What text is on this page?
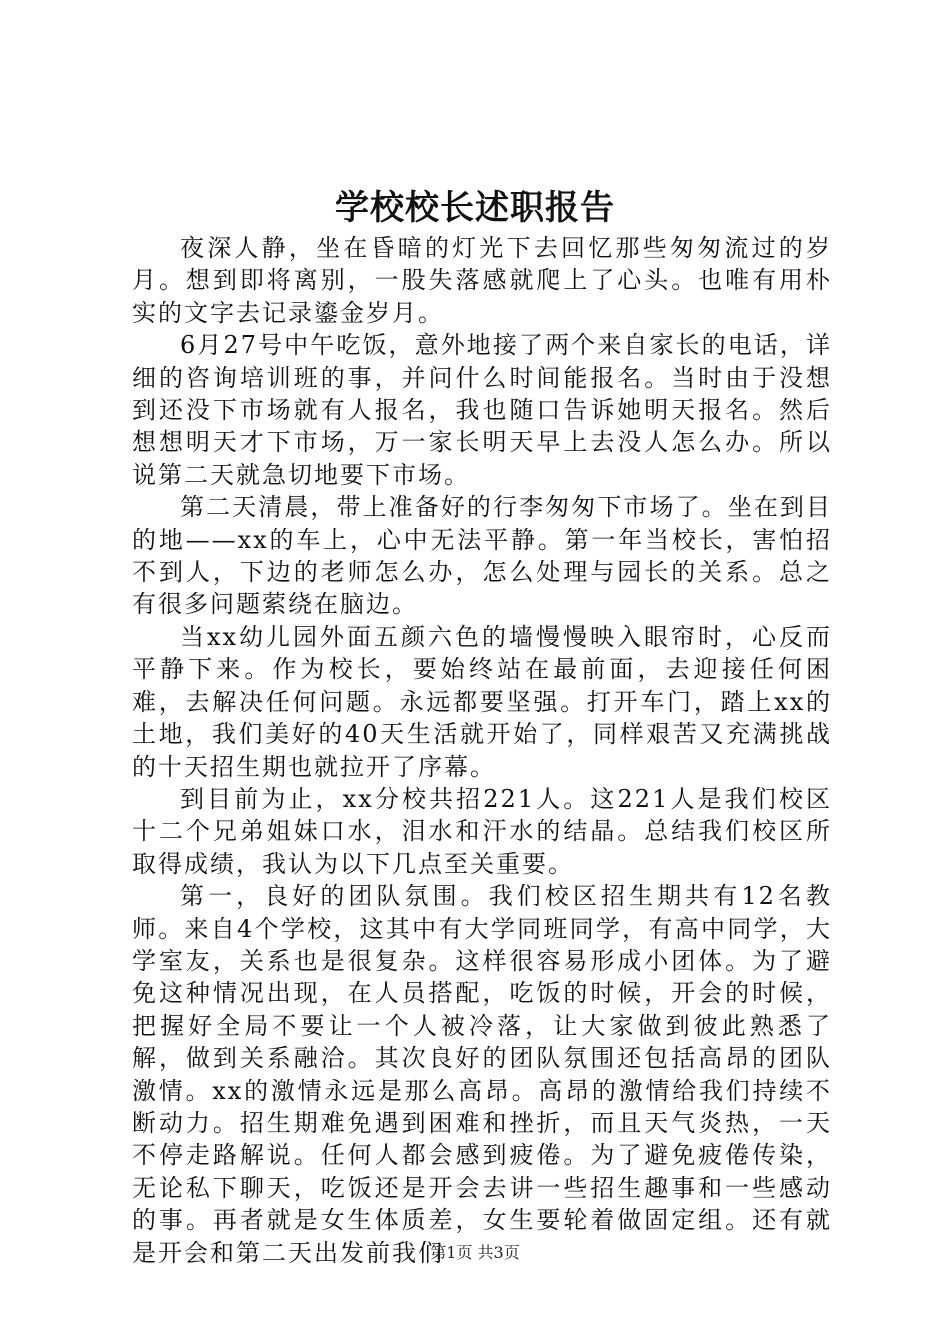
学校校长述职报告

夜深人静，坐在昏暗的灯光下去回忆那些匆匆流过的岁月。想到即将离别，一股失落感就爬上了心头。也唯有用朴实的文字去记录鎏金岁月。

6月27号中午吃饭，意外地接了两个来自家长的电话，详细的咨询培训班的事，并问什么时间能报名。当时由于没想到还没下市场就有人报名，我也随口告诉她明天报名。然后想想明天才下市场，万一家长明天早上去没人怎么办。所以说第二天就急切地要下市场。

第二天清晨，带上准备好的行李匆匆下市场了。坐在到目的地——xx的车上，心中无法平静。第一年当校长，害怕招不到人，下边的老师怎么办，怎么处理与园长的关系。总之有很多问题萦绕在脑边。

当xx幼儿园外面五颜六色的墙慢慢映入眼帘时，心反而平静下来。作为校长，要始终站在最前面，去迎接任何困难，去解决任何问题。永远都要坚强。打开车门，踏上xx的土地，我们美好的40天生活就开始了，同样艰苦又充满挑战的十天招生期也就拉开了序幕。

到目前为止，xx分校共招221人。这221人是我们校区十二个兄弟姐妹口水，泪水和汗水的结晶。总结我们校区所取得成绩，我认为以下几点至关重要。

第一，良好的团队氛围。我们校区招生期共有12名教师。来自4个学校，这其中有大学同班同学，有高中同学，大学室友，关系也是很复杂。这样很容易形成小团体。为了避免这种情况出现，在人员搭配，吃饭的时候，开会的时候，把握好全局不要让一个人被冷落，让大家做到彼此熟悉了解，做到关系融洽。其次良好的团队氛围还包括高昂的团队激情。xx的激情永远是那么高昂。高昂的激情给我们持续不断动力。招生期难免遇到困难和挫折，而且天气炎热，一天不停走路解说。任何人都会感到疲倦。为了避免疲倦传染，无论私下聊天，吃饭还是开会去讲一些招生趣事和一些感动的事。再者就是女生体质差，女生要轮着做固定组。还有就是开会和第二天出发前我们

第1页 共3页
